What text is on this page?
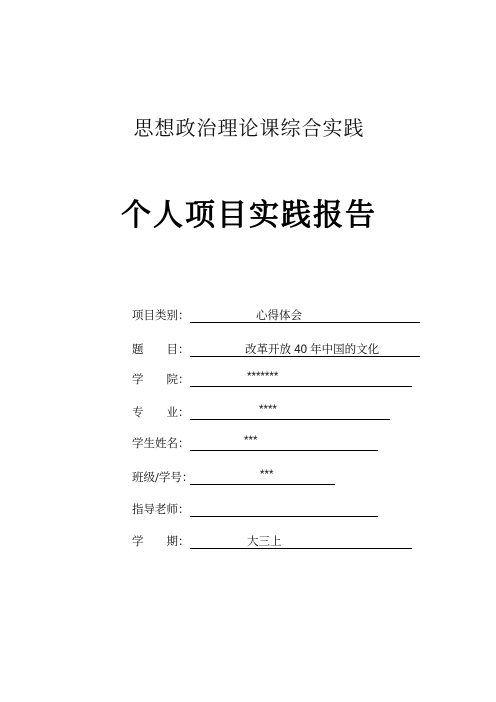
思想政治理论课综合实践
个人项目实践报告
项目类别：	心得体会
题　　目：	改革开放 40 年中国的文化
学　　院：	*******
专　　业：	****
学生姓名：	***
班级/学号：	***
指导老师：
学　　期：	大三上
